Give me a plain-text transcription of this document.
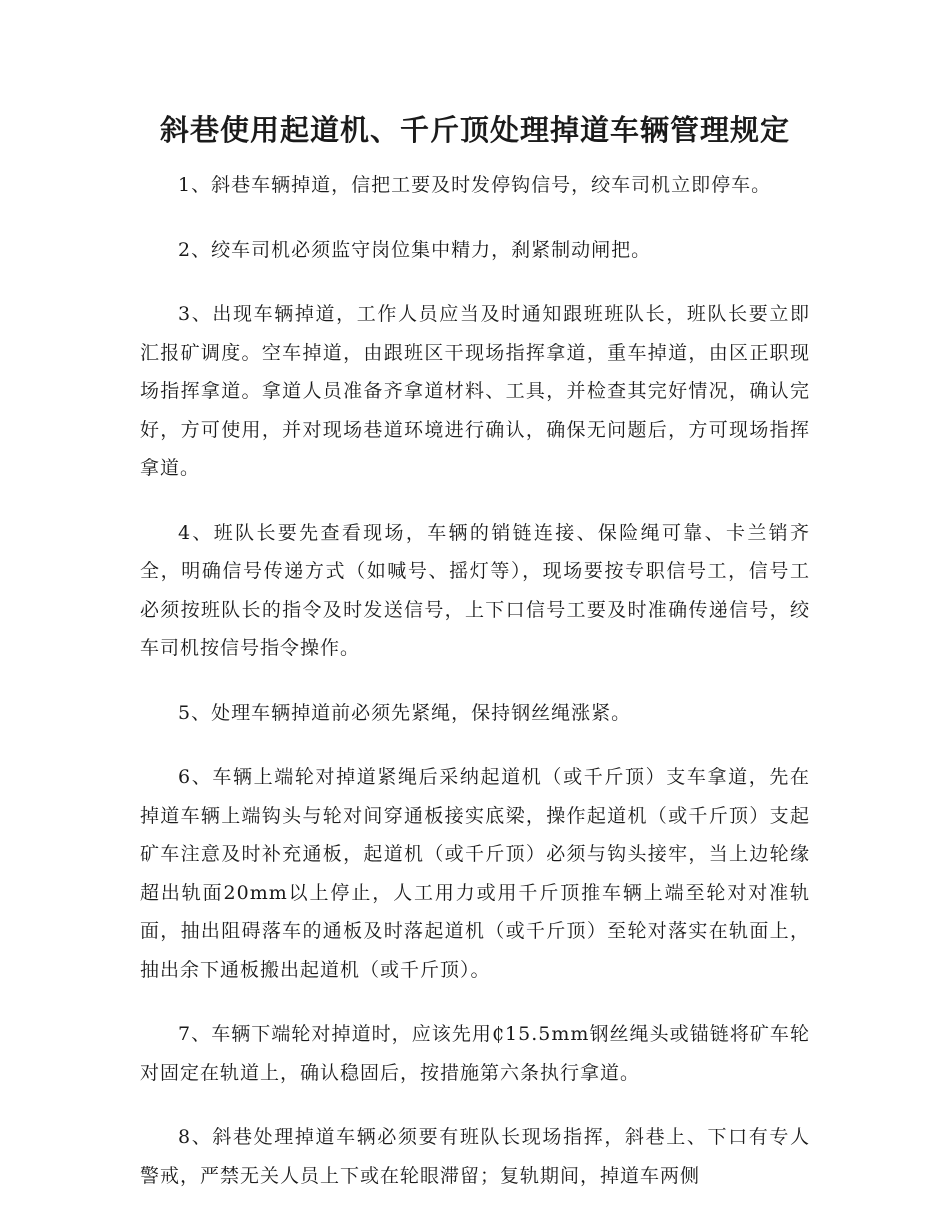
斜巷使用起道机、千斤顶处理掉道车辆管理规定

1、斜巷车辆掉道，信把工要及时发停钩信号，绞车司机立即停车。

2、绞车司机必须监守岗位集中精力，刹紧制动闸把。

3、出现车辆掉道，工作人员应当及时通知跟班班队长，班队长要立即汇报矿调度。空车掉道，由跟班区干现场指挥拿道，重车掉道，由区正职现场指挥拿道。拿道人员准备齐拿道材料、工具，并检查其完好情况，确认完好，方可使用，并对现场巷道环境进行确认，确保无问题后，方可现场指挥拿道。

4、班队长要先查看现场，车辆的销链连接、保险绳可靠、卡兰销齐全，明确信号传递方式（如喊号、摇灯等），现场要按专职信号工，信号工必须按班队长的指令及时发送信号，上下口信号工要及时准确传递信号，绞车司机按信号指令操作。

5、处理车辆掉道前必须先紧绳，保持钢丝绳涨紧。

6、车辆上端轮对掉道紧绳后采纳起道机（或千斤顶）支车拿道，先在掉道车辆上端钩头与轮对间穿通板接实底梁，操作起道机（或千斤顶）支起矿车注意及时补充通板，起道机（或千斤顶）必须与钩头接牢，当上边轮缘超出轨面20mm以上停止，人工用力或用千斤顶推车辆上端至轮对对准轨面，抽出阻碍落车的通板及时落起道机（或千斤顶）至轮对落实在轨面上，抽出余下通板搬出起道机（或千斤顶）。

7、车辆下端轮对掉道时，应该先用₵15.5mm钢丝绳头或锚链将矿车轮对固定在轨道上，确认稳固后，按措施第六条执行拿道。

8、斜巷处理掉道车辆必须要有班队长现场指挥，斜巷上、下口有专人警戒，严禁无关人员上下或在轮眼滞留；复轨期间，掉道车两侧
